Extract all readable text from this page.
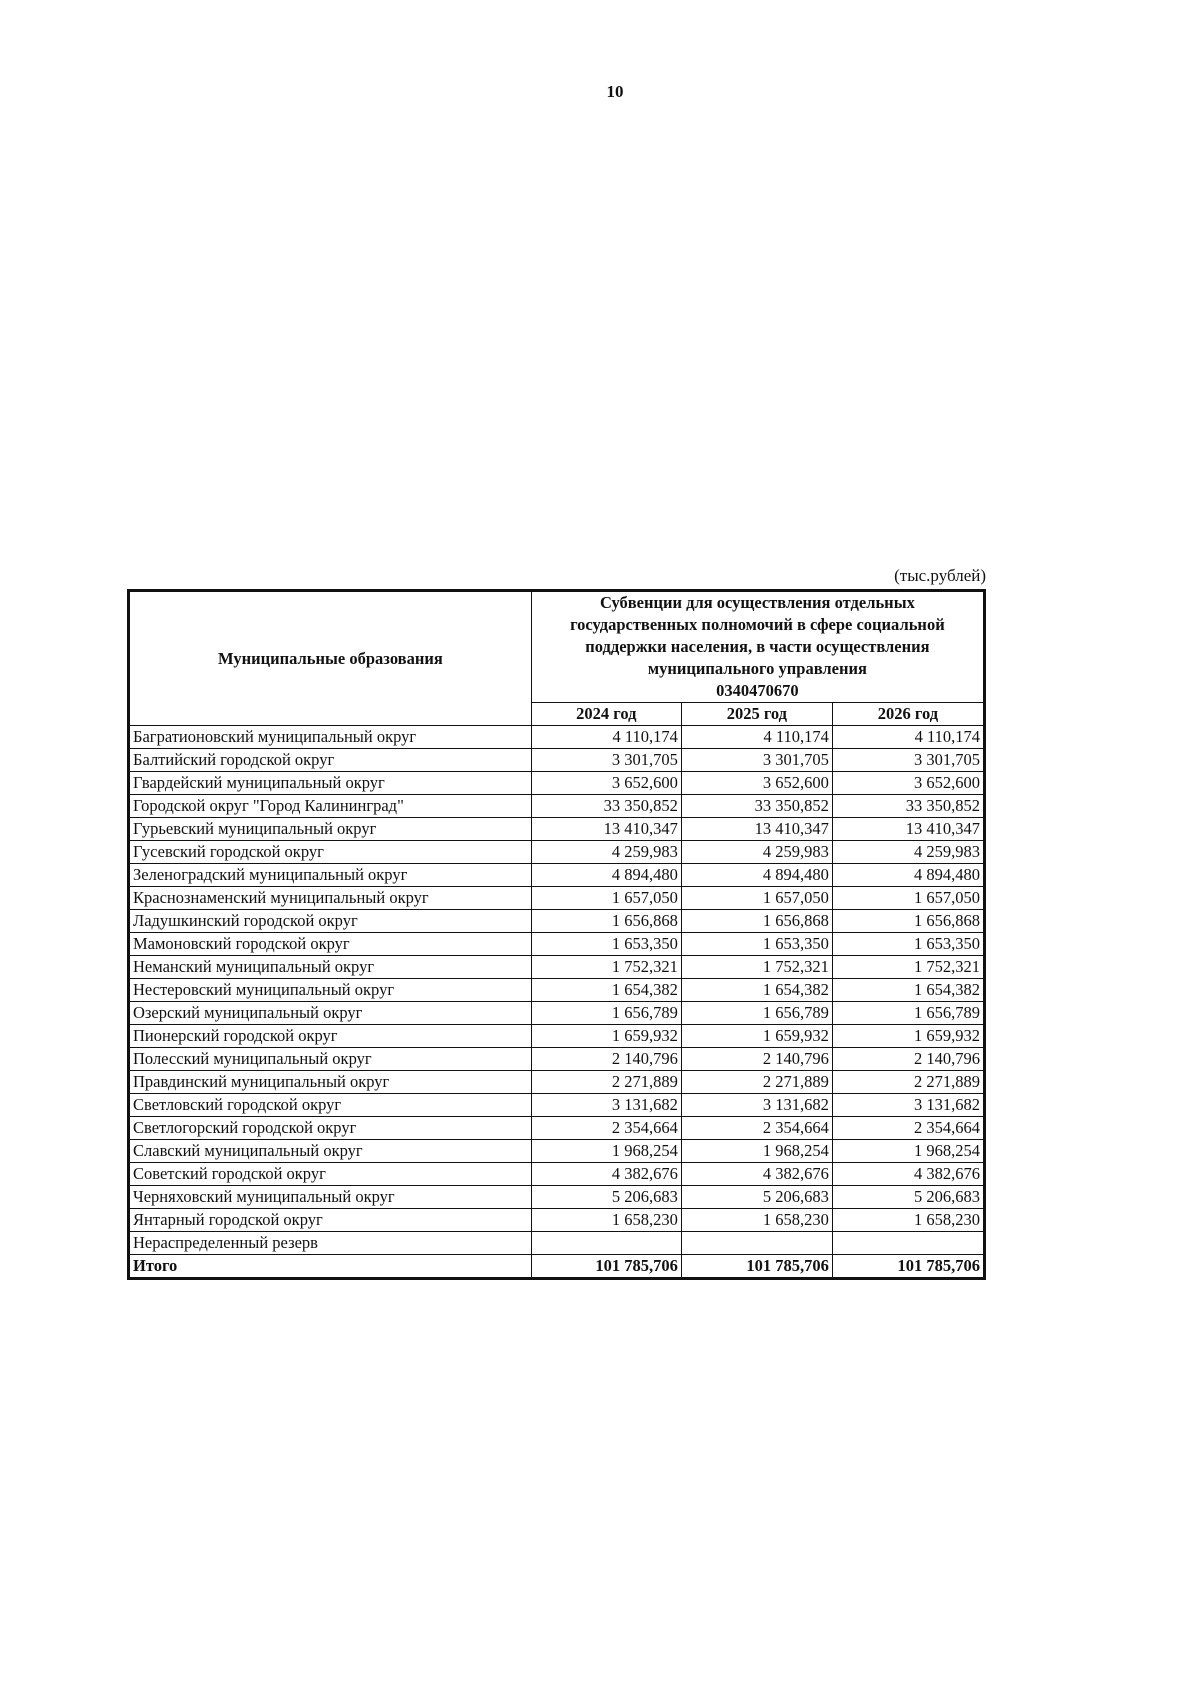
10
(тыс.рублей)
Муниципальные образования	Субвенции для осуществления отдельных
государственных полномочий в сфере социальной
поддержки населения, в части осуществления
муниципального управления
0340470670		

	2024 год	2025 год	2026 год
Багратионовский муниципальный округ	4 110,174	4 110,174	4 110,174
Балтийский городской округ	3 301,705	3 301,705	3 301,705
Гвардейский муниципальный округ	3 652,600	3 652,600	3 652,600
Городской округ "Город Калининград"	33 350,852	33 350,852	33 350,852
Гурьевский муниципальный округ	13 410,347	13 410,347	13 410,347
Гусевский городской округ	4 259,983	4 259,983	4 259,983
Зеленоградский муниципальный округ	4 894,480	4 894,480	4 894,480
Краснознаменский муниципальный округ	1 657,050	1 657,050	1 657,050
Ладушкинский городской округ	1 656,868	1 656,868	1 656,868
Мамоновский городской округ	1 653,350	1 653,350	1 653,350
Неманский муниципальный округ	1 752,321	1 752,321	1 752,321
Нестеровский муниципальный округ	1 654,382	1 654,382	1 654,382
Озерский муниципальный округ	1 656,789	1 656,789	1 656,789
Пионерский городской округ	1 659,932	1 659,932	1 659,932
Полесский муниципальный округ	2 140,796	2 140,796	2 140,796
Правдинский муниципальный округ	2 271,889	2 271,889	2 271,889
Светловский городской округ	3 131,682	3 131,682	3 131,682
Светлогорский городской округ	2 354,664	2 354,664	2 354,664
Славский муниципальный округ	1 968,254	1 968,254	1 968,254
Советский городской округ	4 382,676	4 382,676	4 382,676
Черняховский муниципальный округ	5 206,683	5 206,683	5 206,683
Янтарный городской округ	1 658,230	1 658,230	1 658,230
Нераспределенный резерв			
Итого	101 785,706	101 785,706	101 785,706
